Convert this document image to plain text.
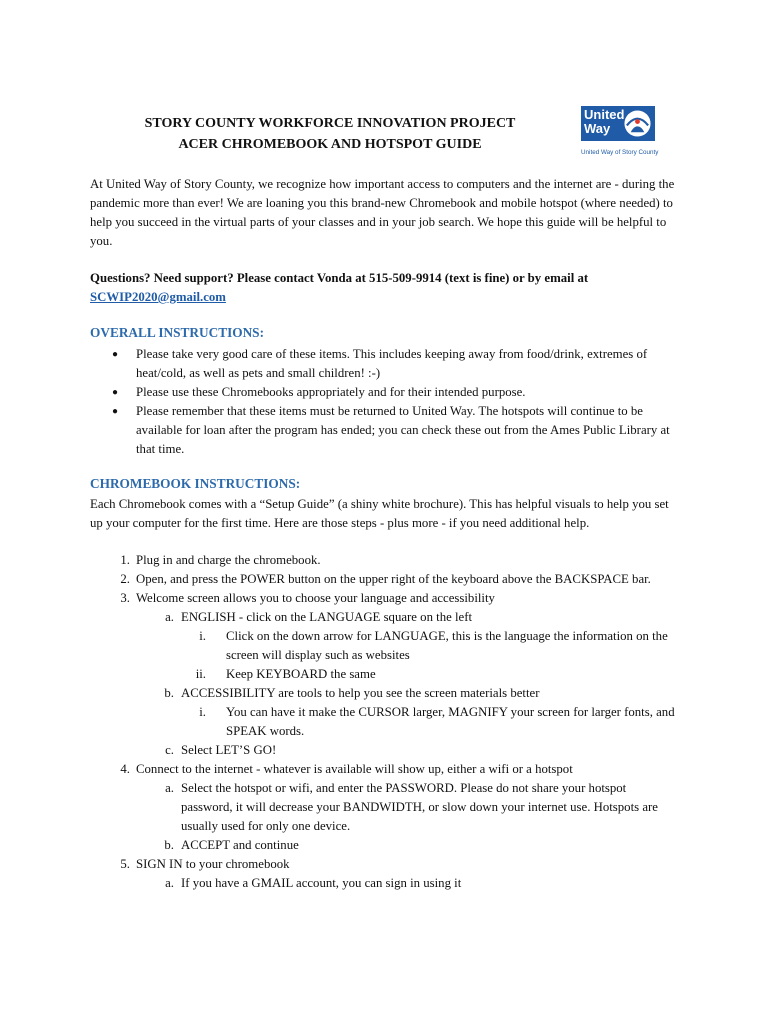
STORY COUNTY WORKFORCE INNOVATION PROJECT
ACER CHROMEBOOK AND HOTSPOT GUIDE
United
Way
United Way of Story County
At United Way of Story County, we recognize how important access to computers and the internet are - during the pandemic more than ever! We are loaning you this brand-new Chromebook and mobile hotspot (where needed) to help you succeed in the virtual parts of your classes and in your job search. We hope this guide will be helpful to you.
Questions? Need support? Please contact Vonda at 515-509-9914 (text is fine) or by email at
SCWIP2020@gmail.com
OVERALL INSTRUCTIONS:
● Please take very good care of these items. This includes keeping away from food/drink, extremes of heat/cold, as well as pets and small children! :-)
● Please use these Chromebooks appropriately and for their intended purpose.
● Please remember that these items must be returned to United Way. The hotspots will continue to be available for loan after the program has ended; you can check these out from the Ames Public Library at that time.
CHROMEBOOK INSTRUCTIONS:
Each Chromebook comes with a “Setup Guide” (a shiny white brochure). This has helpful visuals to help you set up your computer for the first time. Here are those steps - plus more - if you need additional help.
1. Plug in and charge the chromebook.
2. Open, and press the POWER button on the upper right of the keyboard above the BACKSPACE bar.
3. Welcome screen allows you to choose your language and accessibility
a. ENGLISH - click on the LANGUAGE square on the left
i. Click on the down arrow for LANGUAGE, this is the language the information on the screen will display such as websites
ii. Keep KEYBOARD the same
b. ACCESSIBILITY are tools to help you see the screen materials better
i. You can have it make the CURSOR larger, MAGNIFY your screen for larger fonts, and SPEAK words.
c. Select LET’S GO!
4. Connect to the internet - whatever is available will show up, either a wifi or a hotspot
a. Select the hotspot or wifi, and enter the PASSWORD. Please do not share your hotspot password, it will decrease your BANDWIDTH, or slow down your internet use. Hotspots are usually used for only one device.
b. ACCEPT and continue
5. SIGN IN to your chromebook
a. If you have a GMAIL account, you can sign in using it
